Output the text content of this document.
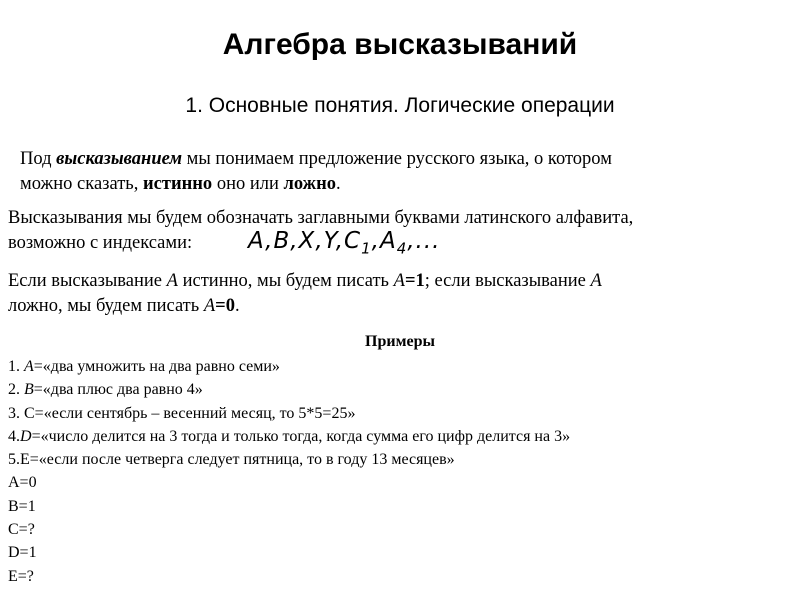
Алгебра высказываний
1. Основные понятия. Логические операции
Под высказыванием мы понимаем предложение русского языка, о котором
можно сказать, истинно оно или ложно.
Высказывания мы будем обозначать заглавными буквами латинского алфавита,
возможно с индексами:	$A,B,X,Y,C_1,A_4$,...
Если высказывание A истинно, мы будем писать A=1; если высказывание A
ложно, мы будем писать A=0.
Примеры
1. A=«два умножить на два равно семи»
2. B=«два плюс два равно 4»
3. С=«если сентябрь – весенний месяц, то 5*5=25»
4.D=«число делится на 3 тогда и только тогда, когда сумма его цифр делится на 3»
5.E=«если после четверга следует пятница, то в году 13 месяцев»
A=0
B=1
C=?
D=1
E=?
